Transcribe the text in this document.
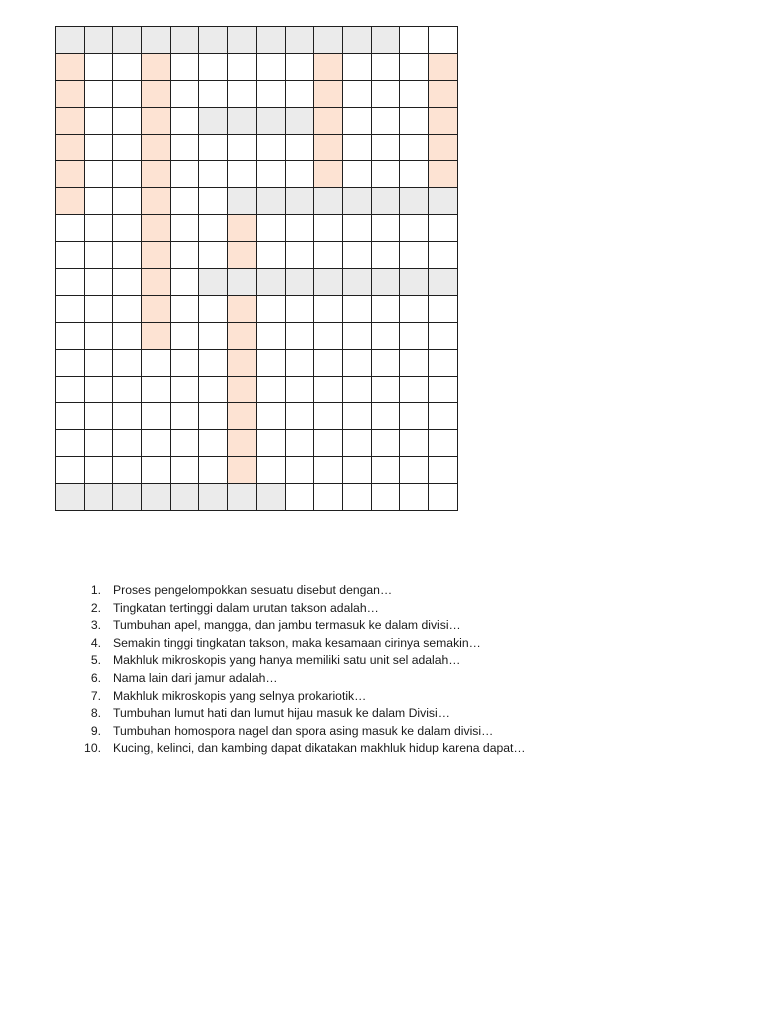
1. Proses pengelompokkan sesuatu disebut dengan…
2. Tingkatan tertinggi dalam urutan takson adalah…
3. Tumbuhan apel, mangga, dan jambu termasuk ke dalam divisi…
4. Semakin tinggi tingkatan takson, maka kesamaan cirinya semakin…
5. Makhluk mikroskopis yang hanya memiliki satu unit sel adalah…
6. Nama lain dari jamur adalah…
7. Makhluk mikroskopis yang selnya prokariotik…
8. Tumbuhan lumut hati dan lumut hijau masuk ke dalam Divisi…
9. Tumbuhan homospora nagel dan spora asing masuk ke dalam divisi…
10. Kucing, kelinci, dan kambing dapat dikatakan makhluk hidup karena dapat…
